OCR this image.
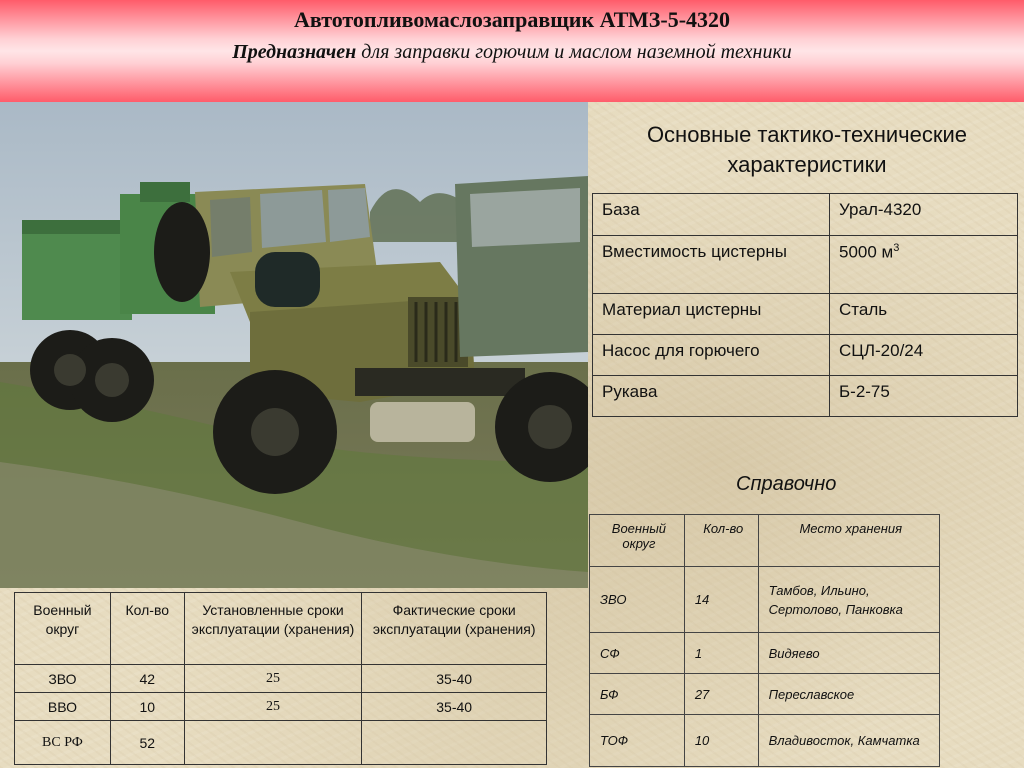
Автотопливомаслозаправщик АТМЗ-5-4320
Предназначен для заправки горючим и маслом наземной техники
Основные тактико-технические характеристики
База	Урал-4320
Вместимость цистерны	5000 $м^3$
Материал цистерны	Сталь
Насос для горючего	СЦЛ-20/24
Рукава	Б-2-75
Справочно
Военный округ	Кол-во	Место хранения
ЗВО	14	Тамбов, Ильино, Сертолово, Панковка
СФ	1	Видяево
БФ	27	Переславское
ТОФ	10	Владивосток, Камчатка
Военный округ	Кол-во	Установленные сроки эксплуатации (хранения)	Фактические сроки эксплуатации (хранения)
ЗВО	42	25	35-40
ВВО	10	25	35-40
ВС РФ	52		
